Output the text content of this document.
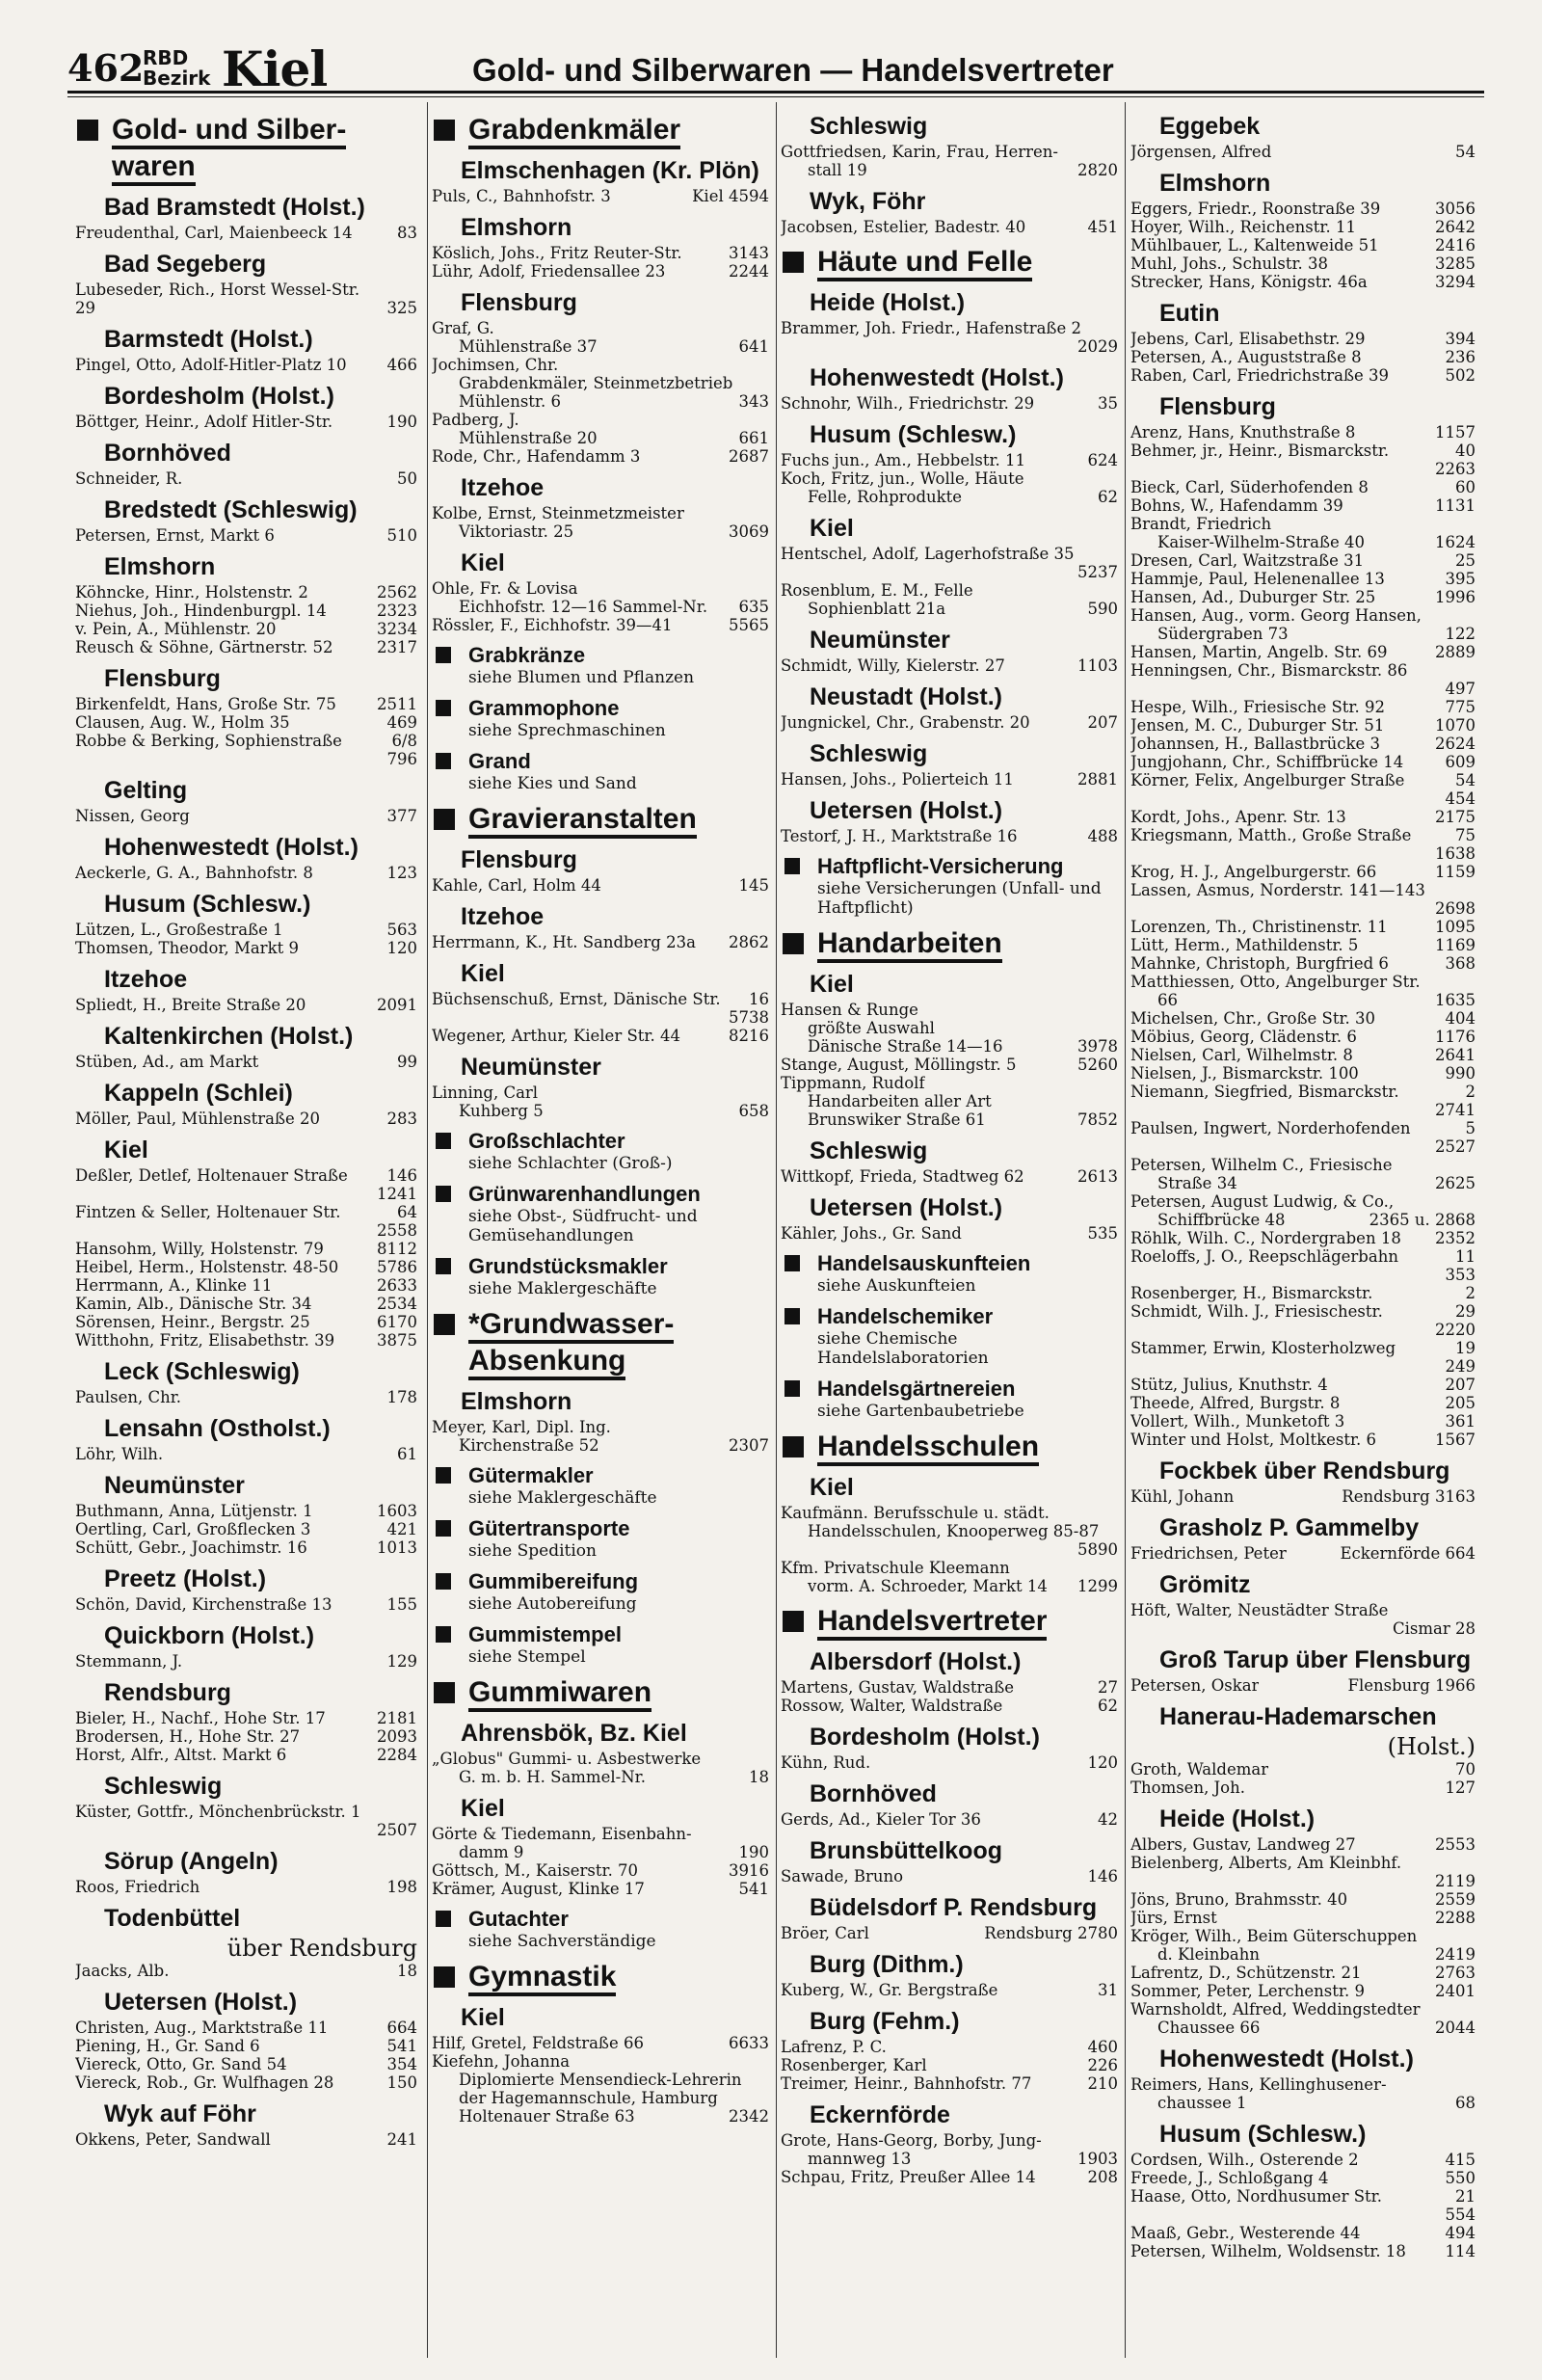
462
RBD
Bezirk Kiel	Gold- und Silberwaren — Handelsvertreter
Gold- und Silber-waren
Bad Bramstedt (Holst.)
Freudenthal, Carl, Maienbeeck 14	83
Bad Segeberg
Lubeseder, Rich., Horst Wessel-Str.
29	325
Barmstedt (Holst.)
Pingel, Otto, Adolf-Hitler-Platz 10	466
Bordesholm (Holst.)
Böttger, Heinr., Adolf Hitler-Str.	190
Bornhöved
Schneider, R.	50
Bredstedt (Schleswig)
Petersen, Ernst, Markt 6	510
Elmshorn
Köhncke, Hinr., Holstenstr. 2	2562
Niehus, Joh., Hindenburgpl. 14	2323
v. Pein, A., Mühlenstr. 20	3234
Reusch & Söhne, Gärtnerstr. 52	2317
Flensburg
Birkenfeldt, Hans, Große Str. 75	2511
Clausen, Aug. W., Holm 35	469
Robbe & Berking, Sophienstraße	6/8
796
Gelting
Nissen, Georg	377
Hohenwestedt (Holst.)
Aeckerle, G. A., Bahnhofstr. 8	123
Husum (Schlesw.)
Lützen, L., Großestraße 1	563
Thomsen, Theodor, Markt 9	120
Itzehoe
Spliedt, H., Breite Straße 20	2091
Kaltenkirchen (Holst.)
Stüben, Ad., am Markt	99
Kappeln (Schlei)
Möller, Paul, Mühlenstraße 20	283
Kiel
Deßler, Detlef, Holtenauer Straße 146
1241
Fintzen & Seller, Holtenauer Str.	64
2558
Hansohm, Willy, Holstenstr. 79	8112
Heibel, Herm., Holstenstr. 48-50 5786
Herrmann, A., Klinke 11	2633
Kamin, Alb., Dänische Str. 34	2534
Sörensen, Heinr., Bergstr. 25	6170
Witthohn, Fritz, Elisabethstr. 39	3875
Leck (Schleswig)
Paulsen, Chr.	178
Lensahn (Ostholst.)
Löhr, Wilh.	61
Neumünster
Buthmann, Anna, Lütjenstr. 1	1603
Oertling, Carl, Großflecken 3	421
Schütt, Gebr., Joachimstr. 16	1013
Preetz (Holst.)
Schön, David, Kirchenstraße 13	155
Quickborn (Holst.)
Stemmann, J.	129
Rendsburg
Bieler, H., Nachf., Hohe Str. 17	2181
Brodersen, H., Hohe Str. 27	2093
Horst, Alfr., Altst. Markt 6	2284
Schleswig
Küster, Gottfr., Mönchenbrückstr. 1
2507
Sörup (Angeln)
Roos, Friedrich	198
Todenbüttel
über Rendsburg
Jaacks, Alb.	18
Uetersen (Holst.)
Christen, Aug., Marktstraße 11	664
Piening, H., Gr. Sand 6	541
Viereck, Otto, Gr. Sand 54	354
Viereck, Rob., Gr. Wulfhagen 28	150
Wyk auf Föhr
Okkens, Peter, Sandwall	241
Grabdenkmäler
Elmschenhagen (Kr. Plön)
Puls, C., Bahnhofstr. 3	Kiel 4594
Elmshorn
Köslich, Johs., Fritz Reuter-Str.	3143
Lühr, Adolf, Friedensallee 23	2244
Flensburg
Graf, G.
Mühlenstraße 37	641
Jochimsen, Chr.
Grabdenkmäler, Steinmetzbetrieb
Mühlenstr. 6	343
Padberg, J.
Mühlenstraße 20	661
Rode, Chr., Hafendamm 3	2687
Itzehoe
Kolbe, Ernst, Steinmetzmeister
Viktoriastr. 25	3069
Kiel
Ohle, Fr. & Lovisa
Eichhofstr. 12—16 Sammel-Nr. 635
Rössler, F., Eichhofstr. 39—41	5565
Grabkränze
siehe Blumen und Pflanzen
Grammophone
siehe Sprechmaschinen
Grand
siehe Kies und Sand
Gravieranstalten
Flensburg
Kahle, Carl, Holm 44	145
Itzehoe
Herrmann, K., Ht. Sandberg 23a 2862
Kiel
Büchsenschuß, Ernst, Dänische Str. 16
5738
Wegener, Arthur, Kieler Str. 44	8216
Neumünster
Linning, Carl
Kuhberg 5	658
Großschlachter
siehe Schlachter (Groß-)
Grünwarenhandlungen
siehe Obst-, Südfrucht- und Gemüsehandlungen
Grundstücksmakler
siehe Maklergeschäfte
*Grundwasser-Absenkung
Elmshorn
Meyer, Karl, Dipl. Ing.
Kirchenstraße 52	2307
Gütermakler
siehe Maklergeschäfte
Gütertransporte
siehe Spedition
Gummibereifung
siehe Autobereifung
Gummistempel
siehe Stempel
Gummiwaren
Ahrensbök, Bz. Kiel
„Globus" Gummi- u. Asbestwerke
G. m. b. H. Sammel-Nr.	18
Kiel
Görte & Tiedemann, Eisenbahn-
damm 9	190
Göttsch, M., Kaiserstr. 70	3916
Krämer, August, Klinke 17	541
Gutachter
siehe Sachverständige
Gymnastik
Kiel
Hilf, Gretel, Feldstraße 66	6633
Kiefehn, Johanna
Diplomierte Mensendieck-Lehrerin
der Hagemannschule, Hamburg
Holtenauer Straße 63	2342
Schleswig
Gottfriedsen, Karin, Frau, Herren-
stall 19	2820
Wyk, Föhr
Jacobsen, Estelier, Badestr. 40	451
Häute und Felle
Heide (Holst.)
Brammer, Joh. Friedr., Hafenstraße 2
2029
Hohenwestedt (Holst.)
Schnohr, Wilh., Friedrichstr. 29	35
Husum (Schlesw.)
Fuchs jun., Am., Hebbelstr. 11	624
Koch, Fritz, jun., Wolle, Häute
Felle, Rohprodukte	62
Kiel
Hentschel, Adolf, Lagerhofstraße 35
5237
Rosenblum, E. M., Felle
Sophienblatt 21a	590
Neumünster
Schmidt, Willy, Kielerstr. 27	1103
Neustadt (Holst.)
Jungnickel, Chr., Grabenstr. 20	207
Schleswig
Hansen, Johs., Polierteich 11	2881
Uetersen (Holst.)
Testorf, J. H., Marktstraße 16	488
Haftpflicht-Versicherung
siehe Versicherungen (Unfall- und Haftpflicht)
Handarbeiten
Kiel
Hansen & Runge
größte Auswahl
Dänische Straße 14—16	3978
Stange, August, Möllingstr. 5	5260
Tippmann, Rudolf
Handarbeiten aller Art
Brunswiker Straße 61	7852
Schleswig
Wittkopf, Frieda, Stadtweg 62	2613
Uetersen (Holst.)
Kähler, Johs., Gr. Sand	535
Handelsauskunfteien
siehe Auskunfteien
Handelschemiker
siehe Chemische Handelslaboratorien
Handelsgärtnereien
siehe Gartenbaubetriebe
Handelsschulen
Kiel
Kaufmänn. Berufsschule u. städt.
Handelsschulen, Knooperweg 85-87
5890
Kfm. Privatschule Kleemann
vorm. A. Schroeder, Markt 14 1299
Handelsvertreter
Albersdorf (Holst.)
Martens, Gustav, Waldstraße	27
Rossow, Walter, Waldstraße	62
Bordesholm (Holst.)
Kühn, Rud.	120
Bornhöved
Gerds, Ad., Kieler Tor 36	42
Brunsbüttelkoog
Sawade, Bruno	146
Büdelsdorf P. Rendsburg
Bröer, Carl	Rendsburg 2780
Burg (Dithm.)
Kuberg, W., Gr. Bergstraße	31
Burg (Fehm.)
Lafrenz, P. C.	460
Rosenberger, Karl	226
Treimer, Heinr., Bahnhofstr. 77	210
Eckernförde
Grote, Hans-Georg, Borby, Jung-
mannweg 13	1903
Schpau, Fritz, Preußer Allee 14	208
Eggebek
Jörgensen, Alfred	54
Elmshorn
Eggers, Friedr., Roonstraße 39	3056
Hoyer, Wilh., Reichenstr. 11	2642
Mühlbauer, L., Kaltenweide 51	2416
Muhl, Johs., Schulstr. 38	3285
Strecker, Hans, Königstr. 46a	3294
Eutin
Jebens, Carl, Elisabethstr. 29	394
Petersen, A., Auguststraße 8	236
Raben, Carl, Friedrichstraße 39	502
Flensburg
Arenz, Hans, Knuthstraße 8	1157
Behmer, jr., Heinr., Bismarckstr.	40
2263
Bieck, Carl, Süderhofenden 8	60
Bohns, W., Hafendamm 39	1131
Brandt, Friedrich
Kaiser-Wilhelm-Straße 40	1624
Dresen, Carl, Waitzstraße 31	25
Hammje, Paul, Helenenallee 13	395
Hansen, Ad., Duburger Str. 25	1996
Hansen, Aug., vorm. Georg Hansen,
Südergraben 73	122
Hansen, Martin, Angelb. Str. 69	2889
Henningsen, Chr., Bismarckstr. 86
497
Hespe, Wilh., Friesische Str. 92	775
Jensen, M. C., Duburger Str. 51	1070
Johannsen, H., Ballastbrücke 3	2624
Jungjohann, Chr., Schiffbrücke 14	609
Körner, Felix, Angelburger Straße	54
454
Kordt, Johs., Apenr. Str. 13	2175
Kriegsmann, Matth., Große Straße	75
1638
Krog, H. J., Angelburgerstr. 66	1159
Lassen, Asmus, Norderstr. 141—143
2698
Lorenzen, Th., Christinenstr. 11	1095
Lütt, Herm., Mathildenstr. 5	1169
Mahnke, Christoph, Burgfried 6	368
Matthiessen, Otto, Angelburger Str.
66	1635
Michelsen, Chr., Große Str. 30	404
Möbius, Georg, Clädenstr. 6	1176
Nielsen, Carl, Wilhelmstr. 8	2641
Nielsen, J., Bismarckstr. 100	990
Niemann, Siegfried, Bismarckstr.	2
2741
Paulsen, Ingwert, Norderhofenden	5
2527
Petersen, Wilhelm C., Friesische
Straße 34	2625
Petersen, August Ludwig, & Co.,
Schiffbrücke 48	2365 u. 2868
Röhlk, Wilh. C., Nordergraben 18 2352
Roeloffs, J. O., Reepschlägerbahn	11
353
Rosenberger, H., Bismarckstr.	2
Schmidt, Wilh. J., Friesischestr.	29
2220
Stammer, Erwin, Klosterholzweg	19
249
Stütz, Julius, Knuthstr. 4	207
Theede, Alfred, Burgstr. 8	205
Vollert, Wilh., Munketoft 3	361
Winter und Holst, Moltkestr. 6	1567
Fockbek über Rendsburg
Kühl, Johann	Rendsburg 3163
Grasholz P. Gammelby
Friedrichsen, Peter	Eckernförde 664
Grömitz
Höft, Walter, Neustädter Straße
Cismar 28
Groß Tarup über Flensburg
Petersen, Oskar	Flensburg 1966
Hanerau-Hademarschen
(Holst.)
Groth, Waldemar	70
Thomsen, Joh.	127
Heide (Holst.)
Albers, Gustav, Landweg 27	2553
Bielenberg, Alberts, Am Kleinbhf.
2119
Jöns, Bruno, Brahmsstr. 40	2559
Jürs, Ernst	2288
Kröger, Wilh., Beim Güterschuppen
d. Kleinbahn	2419
Lafrentz, D., Schützenstr. 21	2763
Sommer, Peter, Lerchenstr. 9	2401
Warnsholdt, Alfred, Weddingstedter
Chaussee 66	2044
Hohenwestedt (Holst.)
Reimers, Hans, Kellinghusener-
chaussee 1	68
Husum (Schlesw.)
Cordsen, Wilh., Osterende 2	415
Freede, J., Schloßgang 4	550
Haase, Otto, Nordhusumer Str.	21
554
Maaß, Gebr., Westerende 44	494
Petersen, Wilhelm, Woldsenstr. 18 114
